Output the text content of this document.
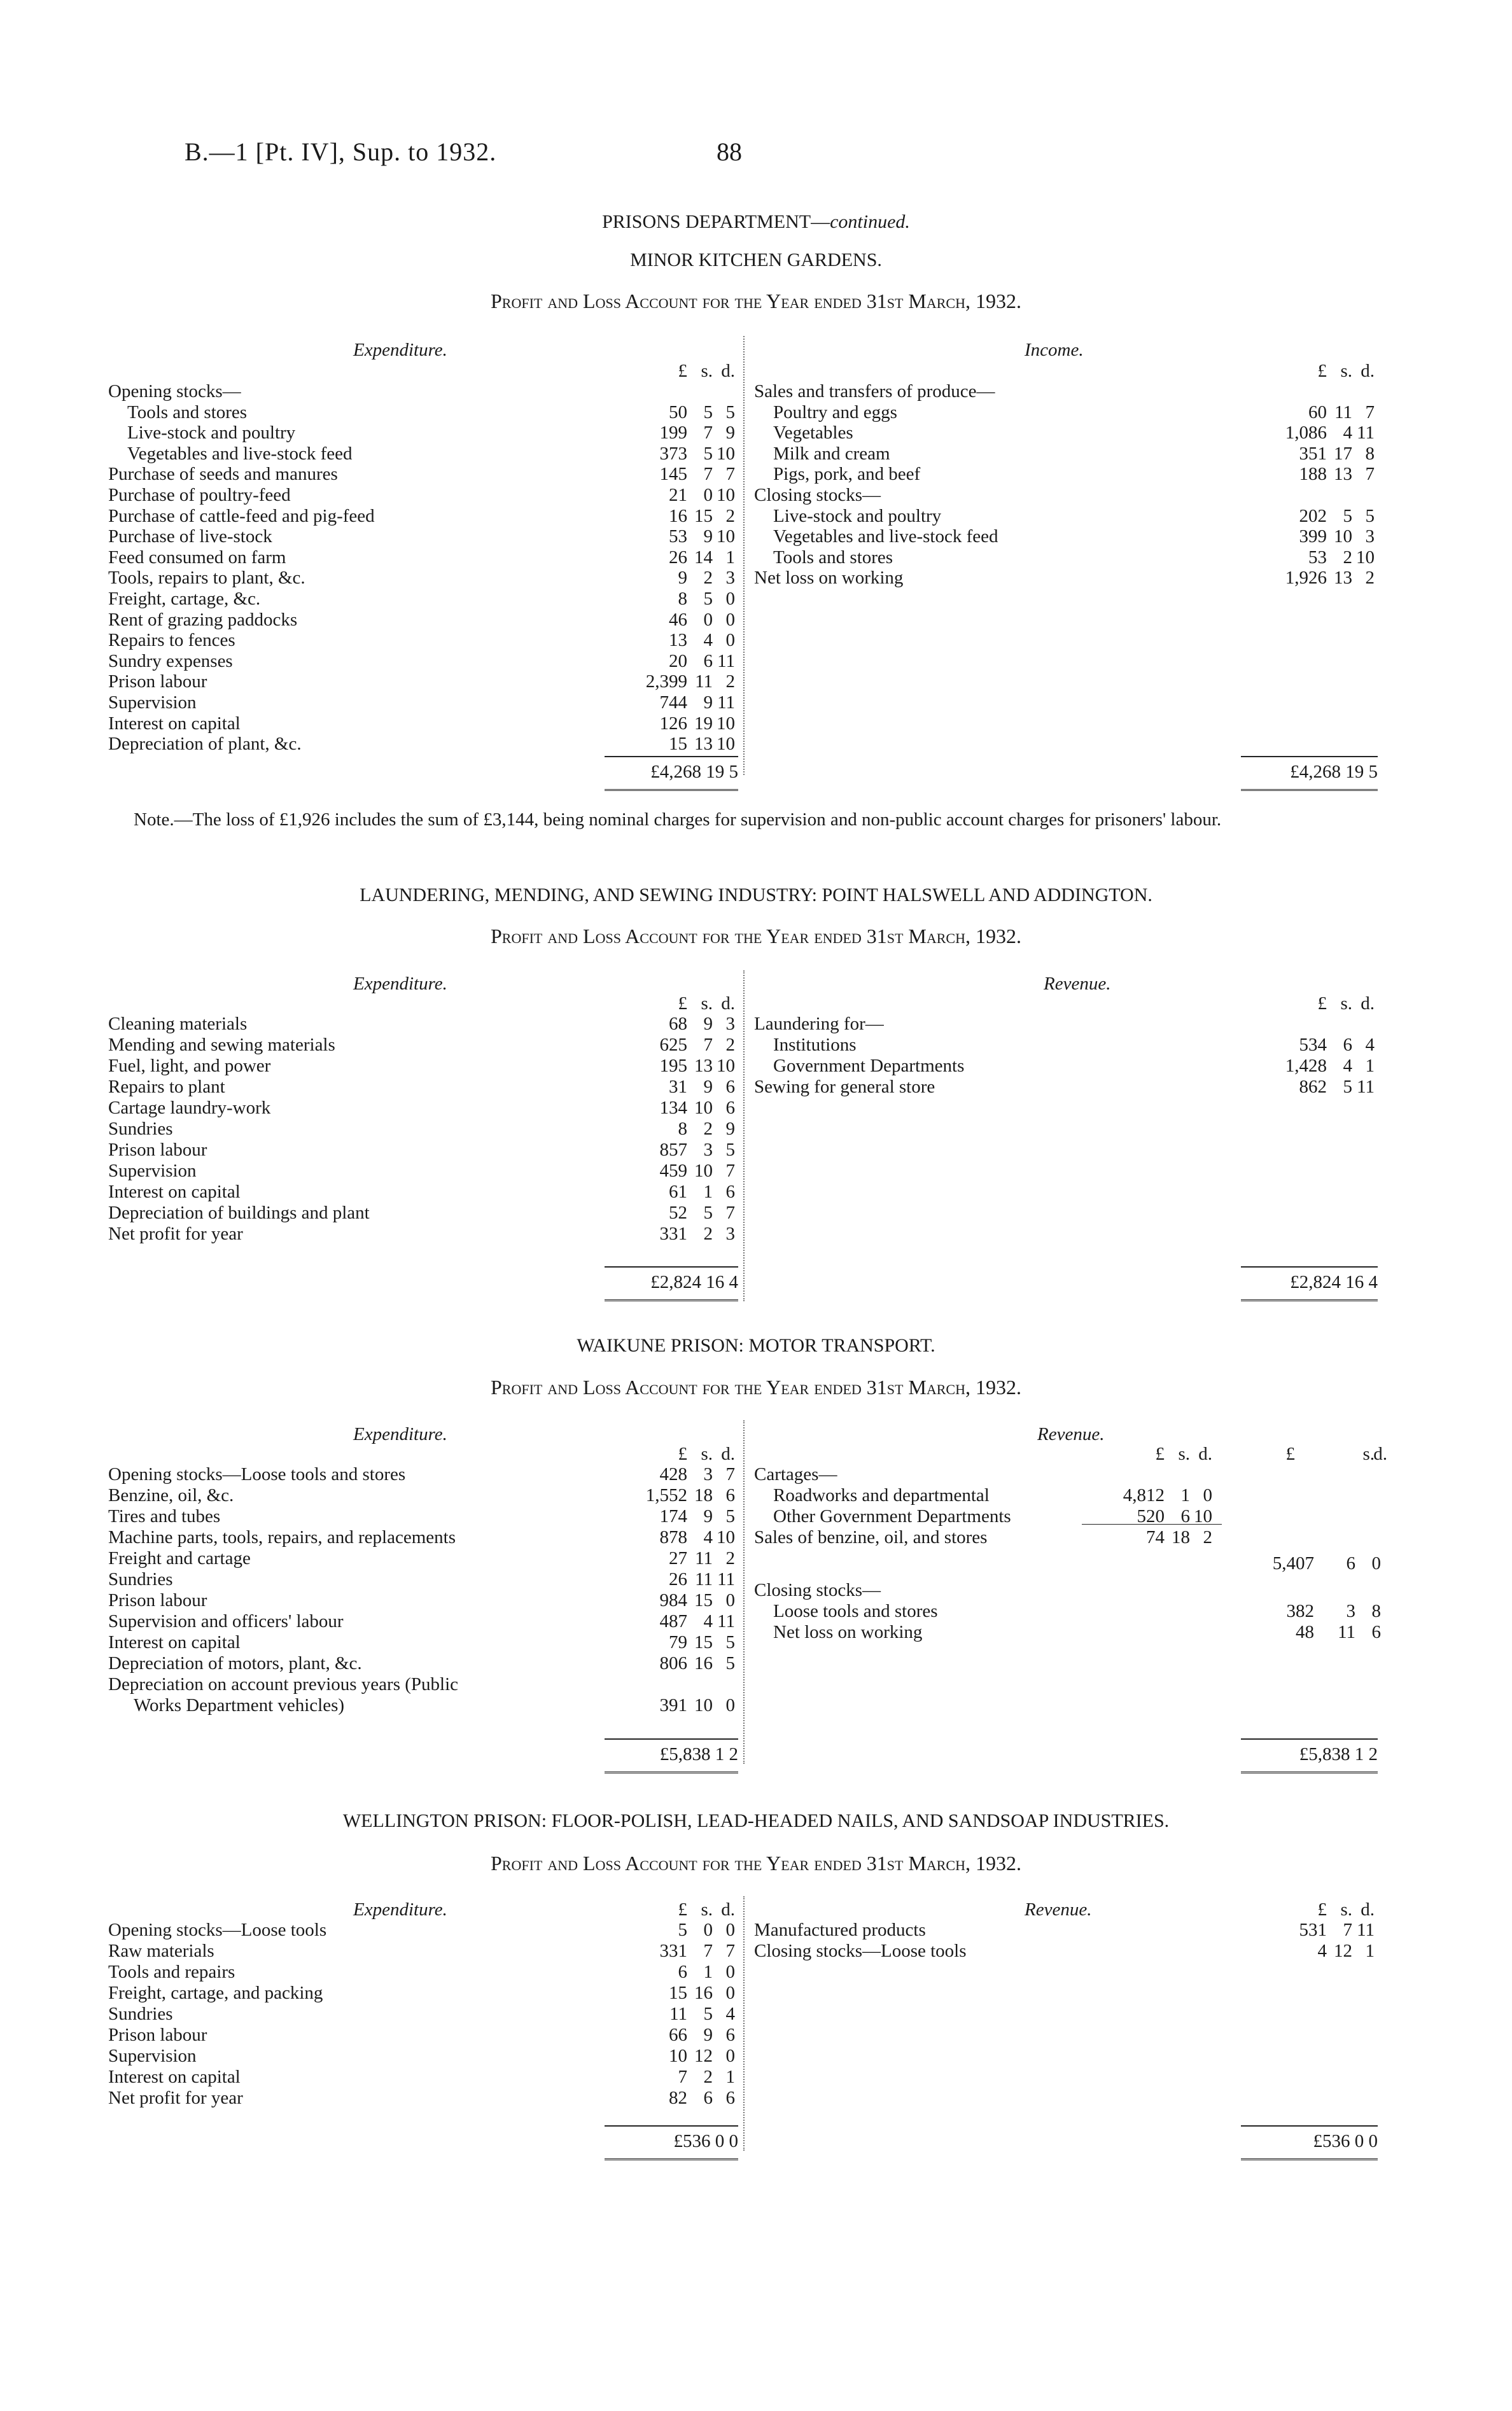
B.—1 [Pt. IV], Sup. to 1932.	88
PRISONS DEPARTMENT—continued.
MINOR KITCHEN GARDENS.
Profit and Loss Account for the Year ended 31st March, 1932.
Expenditure.	Income.
£ s. d.	£ s. d.
Opening stocks—
Tools and stores	50 5 5
Live-stock and poultry	199 7 9
Vegetables and live-stock feed	373 5 10
Purchase of seeds and manures	145 7 7
Purchase of poultry-feed	21 0 10
Purchase of cattle-feed and pig-feed	16 15 2
Purchase of live-stock	53 9 10
Feed consumed on farm	26 14 1
Tools, repairs to plant, &c.	9 2 3
Freight, cartage, &c.	8 5 0
Rent of grazing paddocks	46 0 0
Repairs to fences	13 4 0
Sundry expenses	20 6 11
Prison labour	2,399 11 2
Supervision	744 9 11
Interest on capital	126 19 10
Depreciation of plant, &c.	15 13 10
Sales and transfers of produce—
Poultry and eggs	60 11 7
Vegetables	1,086 4 11
Milk and cream	351 17 8
Pigs, pork, and beef	188 13 7
Closing stocks—
Live-stock and poultry	202 5 5
Vegetables and live-stock feed	399 10 3
Tools and stores	53 2 10
Net loss on working	1,926 13 2
£4,268 19 5	£4,268 19 5
Note.—The loss of £1,926 includes the sum of £3,144, being nominal charges for supervision and non-public account charges for prisoners' labour.
LAUNDERING, MENDING, AND SEWING INDUSTRY: POINT HALSWELL AND ADDINGTON.
Profit and Loss Account for the Year ended 31st March, 1932.
Expenditure.	Revenue.
£ s. d.	£ s. d.
Cleaning materials	68 9 3
Mending and sewing materials	625 7 2
Fuel, light, and power	195 13 10
Repairs to plant	31 9 6
Cartage laundry-work	134 10 6
Sundries	8 2 9
Prison labour	857 3 5
Supervision	459 10 7
Interest on capital	61 1 6
Depreciation of buildings and plant	52 5 7
Net profit for year	331 2 3
Laundering for—
Institutions	534 6 4
Government Departments	1,428 4 1
Sewing for general store	862 5 11
£2,824 16 4	£2,824 16 4
WAIKUNE PRISON: MOTOR TRANSPORT.
Profit and Loss Account for the Year ended 31st March, 1932.
Expenditure.	Revenue.
£ s. d.	£ s. d.	£	s.
d.
Opening stocks—Loose tools and stores	428 3 7
Benzine, oil, &c.	1,552 18 6
Tires and tubes	174 9 5
Machine parts, tools, repairs, and replacements	878 4 10
Freight and cartage	27 11 2
Sundries	26 11 11
Prison labour	984 15 0
Supervision and officers' labour	487 4 11
Interest on capital	79 15 5
Depreciation of motors, plant, &c.	806 16 5
Depreciation on account previous years (Public
Works Department vehicles)	391 10 0
Cartages—
Roadworks and departmental	4,812 1 0
Other Government Departments	520 6 10
Sales of benzine, oil, and stores	74 18 2
5,407	6 0
Closing stocks—
Loose tools and stores	382	3 8
Net loss on working	48	11 6
£5,838 1 2	£5,838 1 2
WELLINGTON PRISON: FLOOR-POLISH, LEAD-HEADED NAILS, AND SANDSOAP INDUSTRIES.
Profit and Loss Account for the Year ended 31st March, 1932.
Expenditure.	£ s. d.	Revenue.	£ s. d.
Opening stocks—Loose tools	5 0 0
Raw materials	331 7 7
Tools and repairs	6 1 0
Freight, cartage, and packing	15 16 0
Sundries	11 5 4
Prison labour	66 9 6
Supervision	10 12 0
Interest on capital	7 2 1
Net profit for year	82 6 6
Manufactured products	531 7 11
Closing stocks—Loose tools	4 12 1
£536 0 0	£536 0 0
